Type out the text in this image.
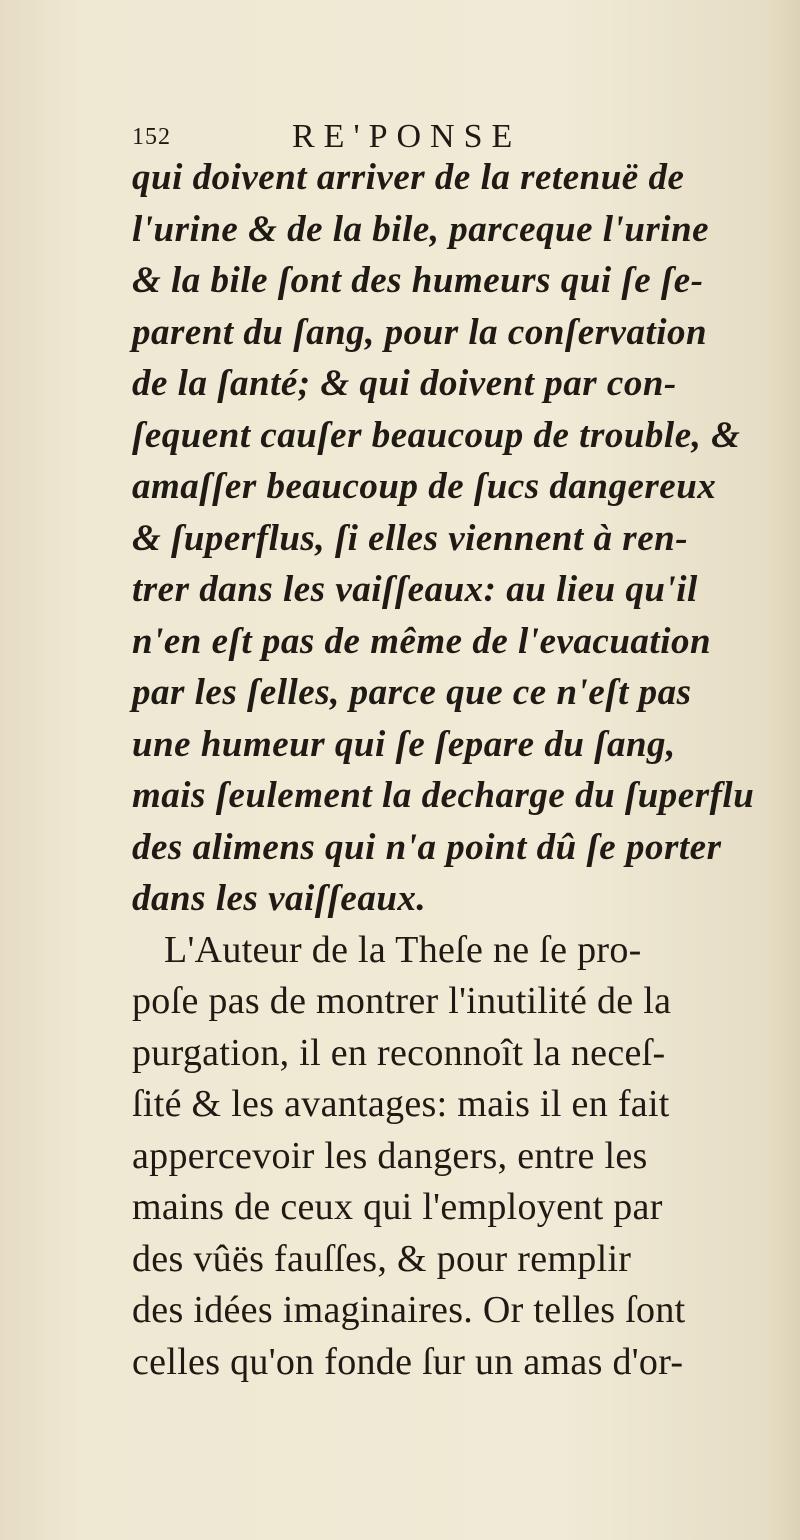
152	RE'PONSE
qui doivent arriver de la retenuë de
l'urine & de la bile, parceque l'urine
& la bile ſont des humeurs qui ſe ſe-
parent du ſang, pour la conſervation
de la ſanté; & qui doivent par con-
ſequent cauſer beaucoup de trouble, &
amaſſer beaucoup de ſucs dangereux
& ſuperflus, ſi elles viennent à ren-
trer dans les vaiſſeaux: au lieu qu'il
n'en eſt pas de même de l'evacuation
par les ſelles, parce que ce n'eſt pas
une humeur qui ſe ſepare du ſang,
mais ſeulement la decharge du ſuperflu
des alimens qui n'a point dû ſe porter
dans les vaiſſeaux.
L'Auteur de la Theſe ne ſe pro-
poſe pas de montrer l'inutilité de la
purgation, il en reconnoît la neceſ-
ſité & les avantages: mais il en fait
appercevoir les dangers, entre les
mains de ceux qui l'employent par
des vûës fauſſes, & pour remplir
des idées imaginaires. Or telles ſont
celles qu'on fonde ſur un amas d'or-
